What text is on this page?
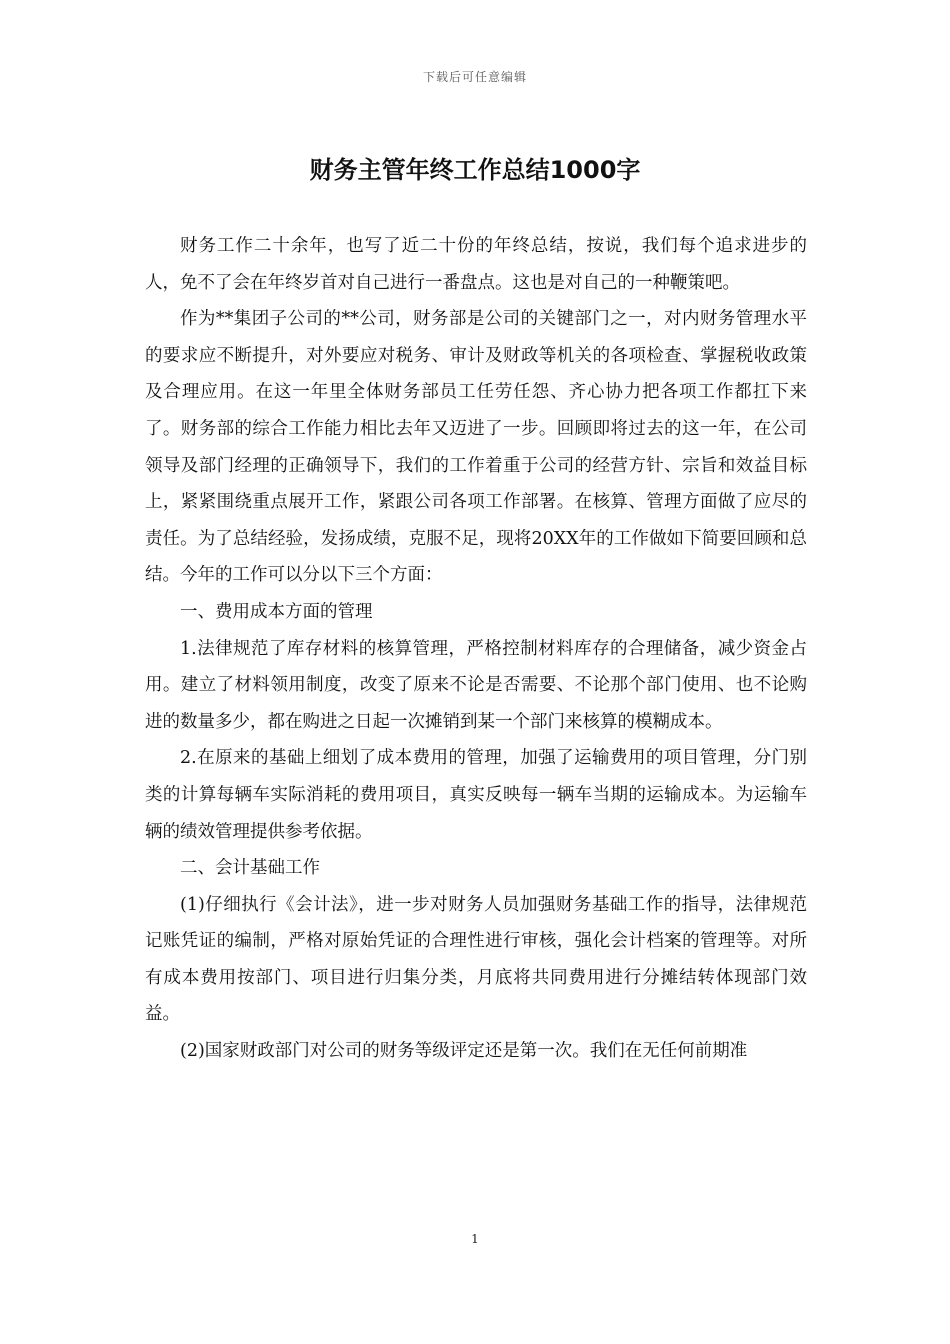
下载后可任意编辑
财务主管年终工作总结1000字

财务工作二十余年，也写了近二十份的年终总结，按说，我们每个追求进步的人，免不了会在年终岁首对自己进行一番盘点。这也是对自己的一种鞭策吧。

作为**集团子公司的**公司，财务部是公司的关键部门之一，对内财务管理水平的要求应不断提升，对外要应对税务、审计及财政等机关的各项检查、掌握税收政策及合理应用。在这一年里全体财务部员工任劳任怨、齐心协力把各项工作都扛下来了。财务部的综合工作能力相比去年又迈进了一步。回顾即将过去的这一年，在公司领导及部门经理的正确领导下，我们的工作着重于公司的经营方针、宗旨和效益目标上，紧紧围绕重点展开工作，紧跟公司各项工作部署。在核算、管理方面做了应尽的责任。为了总结经验，发扬成绩，克服不足，现将20XX年的工作做如下简要回顾和总结。今年的工作可以分以下三个方面：

一、费用成本方面的管理

1.法律规范了库存材料的核算管理，严格控制材料库存的合理储备，减少资金占用。建立了材料领用制度，改变了原来不论是否需要、不论那个部门使用、也不论购进的数量多少，都在购进之日起一次摊销到某一个部门来核算的模糊成本。

2.在原来的基础上细划了成本费用的管理，加强了运输费用的项目管理，分门别类的计算每辆车实际消耗的费用项目，真实反映每一辆车当期的运输成本。为运输车辆的绩效管理提供参考依据。

二、会计基础工作

(1)仔细执行《会计法》，进一步对财务人员加强财务基础工作的指导，法律规范记账凭证的编制，严格对原始凭证的合理性进行审核，强化会计档案的管理等。对所有成本费用按部门、项目进行归集分类，月底将共同费用进行分摊结转体现部门效益。

(2)国家财政部门对公司的财务等级评定还是第一次。我们在无任何前期准

1
